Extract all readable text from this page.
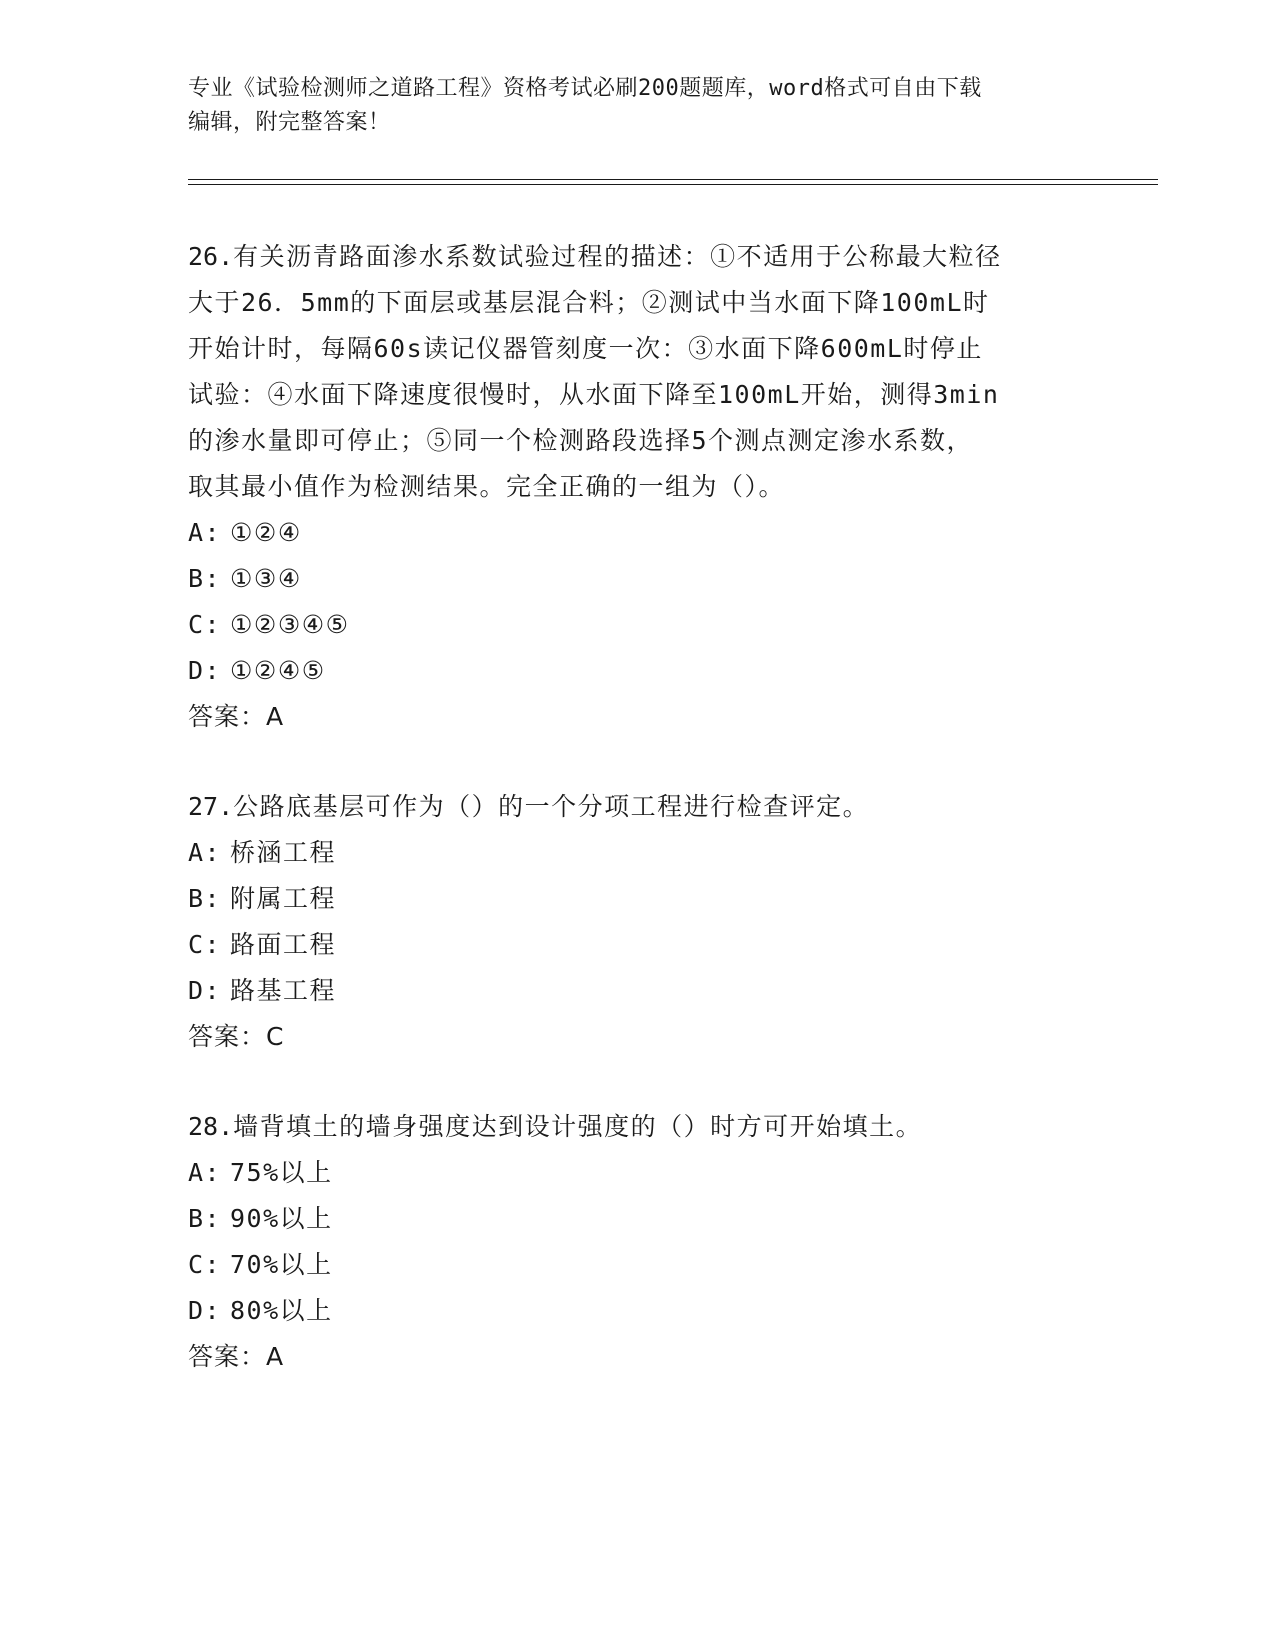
专业《试验检测师之道路工程》资格考试必刷200题题库，word格式可自由下载
编辑，附完整答案！
26.有关沥青路面渗水系数试验过程的描述：①不适用于公称最大粒径
大于26．5mm的下面层或基层混合料；②测试中当水面下降100mL时
开始计时，每隔60s读记仪器管刻度一次：③水面下降600mL时停止
试验：④水面下降速度很慢时，从水面下降至100mL开始，测得3min
的渗水量即可停止；⑤同一个检测路段选择5个测点测定渗水系数，
取其最小值作为检测结果。完全正确的一组为（）。
A: ①②④
B: ①③④
C: ①②③④⑤
D: ①②④⑤
答案：A
27.公路底基层可作为（）的一个分项工程进行检查评定。
A: 桥涵工程
B: 附属工程
C: 路面工程
D: 路基工程
答案：C
28.墙背填土的墙身强度达到设计强度的（）时方可开始填土。
A: 75%以上
B: 90%以上
C: 70%以上
D: 80%以上
答案：A
